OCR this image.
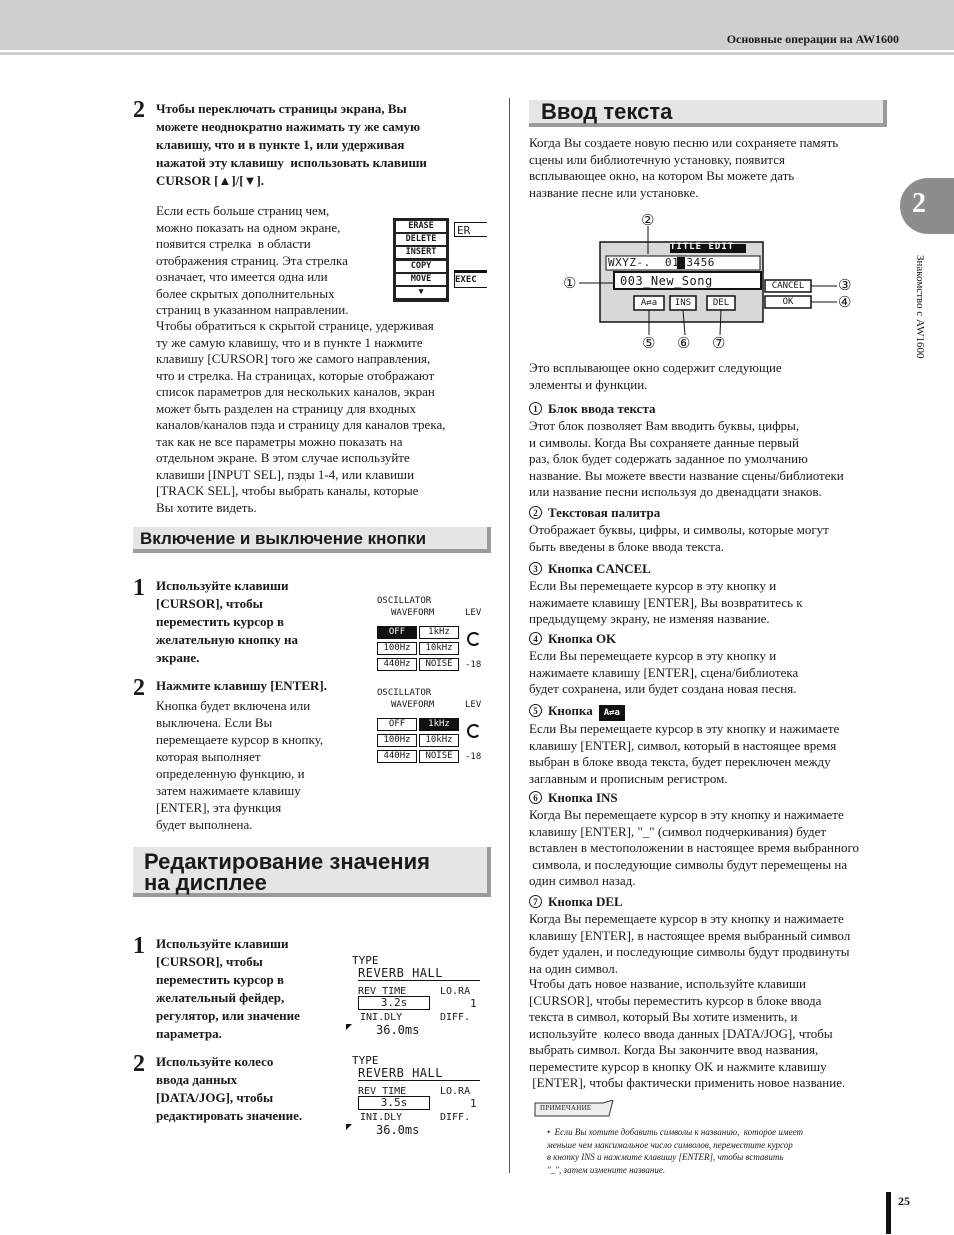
Основные операции на AW1600
2
Знакомство с AW1600
25
2 Чтобы переключать страницы экрана, Вы
можете неоднократно нажимать ту же самую
клавишу, что и в пункте 1, или удерживая
нажатой эту клавишу  использовать клавиши
CURSOR [▲]/[▼].
Если есть больше страниц чем,
можно показать на одном экране,
появится стрелка  в области
отображения страниц. Эта стрелка
означает, что имеется одна или
более скрытых дополнительных
страниц в указанном направлении.
ERASE
DELETE
INSERT
COPY
MOVE
▼
ER
EXEC
Чтобы обратиться к скрытой странице, удерживая
ту же самую клавишу, что и в пункте 1 нажмите
клавишу [CURSOR] того же самого направления,
что и стрелка. На страницах, которые отображают
список параметров для нескольких каналов, экран
может быть разделен на страницу для входных
каналов/каналов пэда и страницу для каналов трека,
так как не все параметры можно показать на
отдельном экране. В этом случае используйте
клавиши [INPUT SEL], пэды 1-4, или клавиши
[TRACK SEL], чтобы выбрать каналы, которые
Вы хотите видеть.
Включение и выключение кнопки
1 Используйте клавиши
[CURSOR], чтобы
переместить курсор в
желательную кнопку на
экране.
2 Нажмите клавишу [ENTER].
Кнопка будет включена или
выключена. Если Вы
перемещаете курсор в кнопку,
которая выполняет
определенную функцию, и
затем нажимаете клавишу
[ENTER], эта функция
будет выполнена.
OSCILLATOR
WAVEFORM	LEV
OFF	1kHz
100Hz	10kHz
440Hz	NOISE	-18
OSCILLATOR
WAVEFORM	LEV
OFF	1kHz
100Hz	10kHz
440Hz	NOISE	-18
Редактирование значения
на дисплее
1 Используйте клавиши
[CURSOR], чтобы
переместить курсор в
желательный фейдер,
регулятор, или значение
параметра.
2 Используйте колесо
ввода данных
[DATA/JOG], чтобы
редактировать значение.
TYPE
REVERB HALL
REV TIME	LO.RA
3.2s	1
INI.DLY	DIFF.
36.0ms
TYPE
REVERB HALL
REV TIME	LO.RA
3.5s	1
INI.DLY	DIFF.
36.0ms
Ввод текста
Когда Вы создаете новую песню или сохраняете память
сцены или библиотечную установку, появится
всплывающее окно, на котором Вы можете дать
название песне или установке.
TITLE EDIT
WXYZ-.  0123456
003_New_Song
A⇄a	INS	DEL
CANCEL
OK
②
①	③
④
⑤ ⑥ ⑦
Это всплывающее окно содержит следующие
элементы и функции.
1 Блок ввода текста
Этот блок позволяет Вам вводить буквы, цифры,
и символы. Когда Вы сохраняете данные первый
раз, блок будет содержать заданное по умолчанию
название. Вы можете ввести название сцены/библиотеки
или название песни используя до двенадцати знаков.
2 Текстовая палитра
Отображает буквы, цифры, и символы, которые могут
быть введены в блоке ввода текста.
3 Кнопка CANCEL
Если Вы перемещаете курсор в эту кнопку и
нажимаете клавишу [ENTER], Вы возвратитесь к
предыдущему экрану, не изменяя название.
4 Кнопка OK
Если Вы перемещаете курсор в эту кнопку и
нажимаете клавишу [ENTER], сцена/библиотека
будет сохранена, или будет создана новая песня.
5 Кнопка A⇄a
Если Вы перемещаете курсор в эту кнопку и нажимаете
клавишу [ENTER], символ, который в настоящее время
выбран в блоке ввода текста, будет переключен между
заглавным и прописным регистром.
6 Кнопка INS
Когда Вы перемещаете курсор в эту кнопку и нажимаете
клавишу [ENTER], "_" (символ подчеркивания) будет
вставлен в местоположении в настоящее время выбранного
символа, и последующие символы будут перемещены на
один символ назад.
7 Кнопка DEL
Когда Вы перемещаете курсор в эту кнопку и нажимаете
клавишу [ENTER], в настоящее время выбранный символ
будет удален, и последующие символы будут продвинуты
на один символ.
Чтобы дать новое название, используйте клавиши
[CURSOR], чтобы переместить курсор в блоке ввода
текста в символ, который Вы хотите изменить, и
используйте  колесо ввода данных [DATA/JOG], чтобы
выбрать символ. Когда Вы закончите ввод названия,
переместите курсор в кнопку OK и нажмите клавишу
[ENTER], чтобы фактически применить новое название.
ПРИМЕЧАНИЕ
•  Если Вы хотите добавить символы к названию,  которое имеет
меньше чем максимальное число символов, переместите курсор
в кнопку INS и нажмите клавишу [ENTER], чтобы вставить
"_", затем измените название.
